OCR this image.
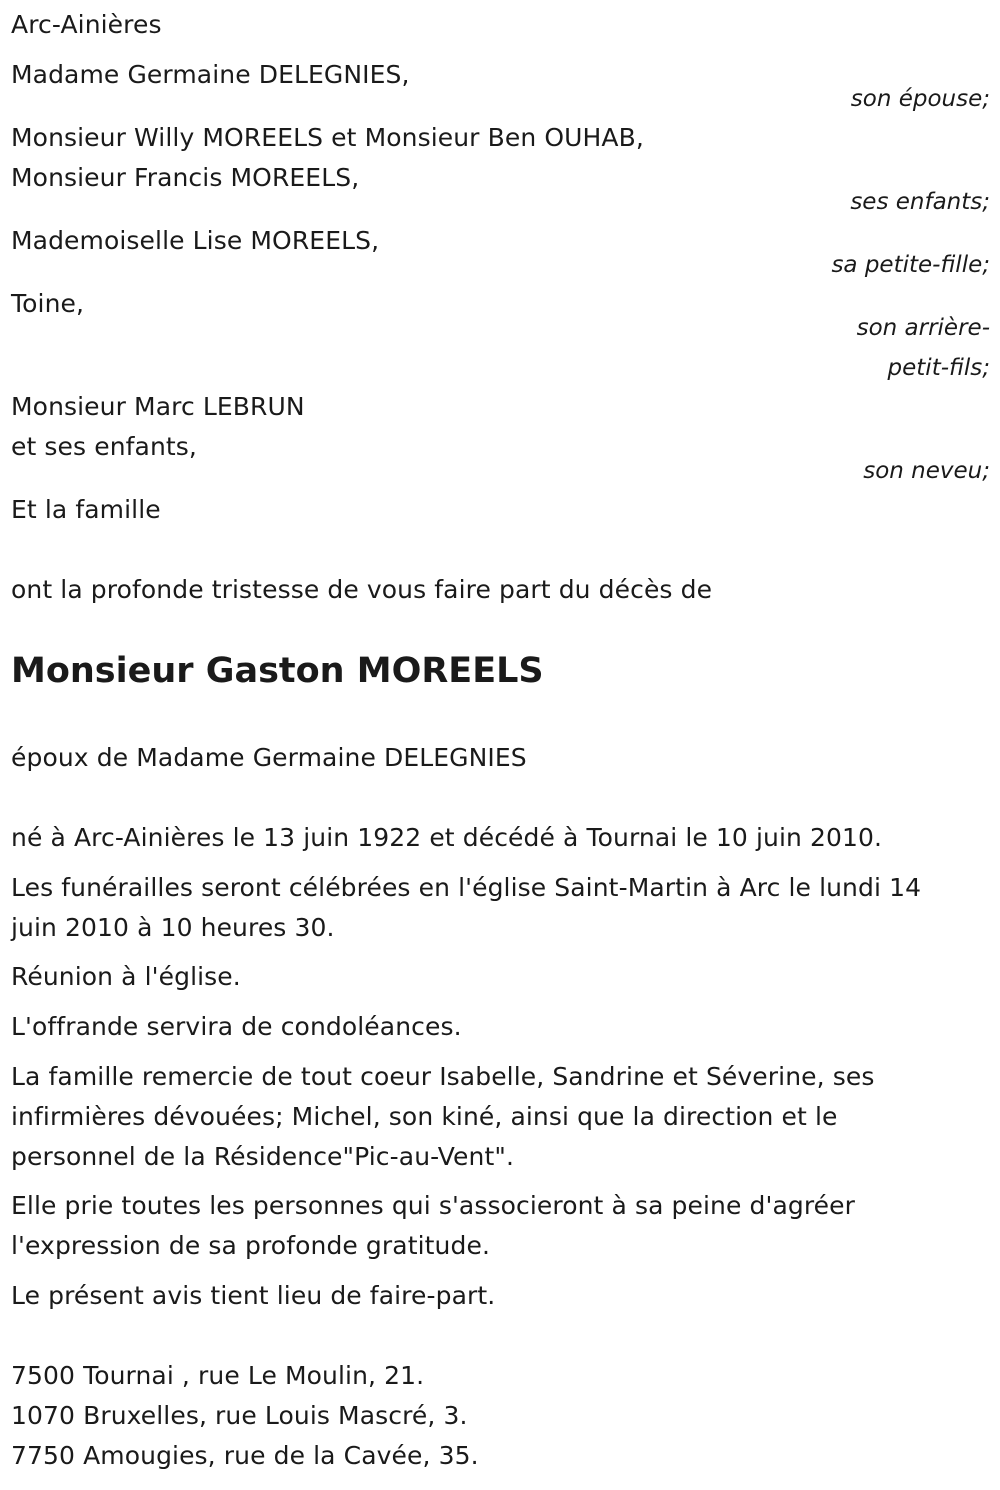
Arc-Ainières
Madame Germaine DELEGNIES,
son épouse;
Monsieur Willy MOREELS et Monsieur Ben OUHAB,
Monsieur Francis MOREELS,
ses enfants;
Mademoiselle Lise MOREELS,
sa petite-fille;
Toine,
son arrière-
petit-fils;
Monsieur Marc LEBRUN
et ses enfants,
son neveu;
Et la famille
ont la profonde tristesse de vous faire part du décès de
Monsieur Gaston MOREELS
époux de Madame Germaine DELEGNIES
né à Arc-Ainières le 13 juin 1922 et décédé à Tournai le 10 juin 2010.
Les funérailles seront célébrées en l'église Saint-Martin à Arc le lundi 14
juin 2010 à 10 heures 30.
Réunion à l'église.
L'offrande servira de condoléances.
La famille remercie de tout coeur Isabelle, Sandrine et Séverine, ses
infirmières dévouées; Michel, son kiné, ainsi que la direction et le
personnel de la Résidence"Pic-au-Vent".
Elle prie toutes les personnes qui s'associeront à sa peine d'agréer
l'expression de sa profonde gratitude.
Le présent avis tient lieu de faire-part.
7500 Tournai , rue Le Moulin, 21.
1070 Bruxelles, rue Louis Mascré, 3.
7750 Amougies, rue de la Cavée, 35.
